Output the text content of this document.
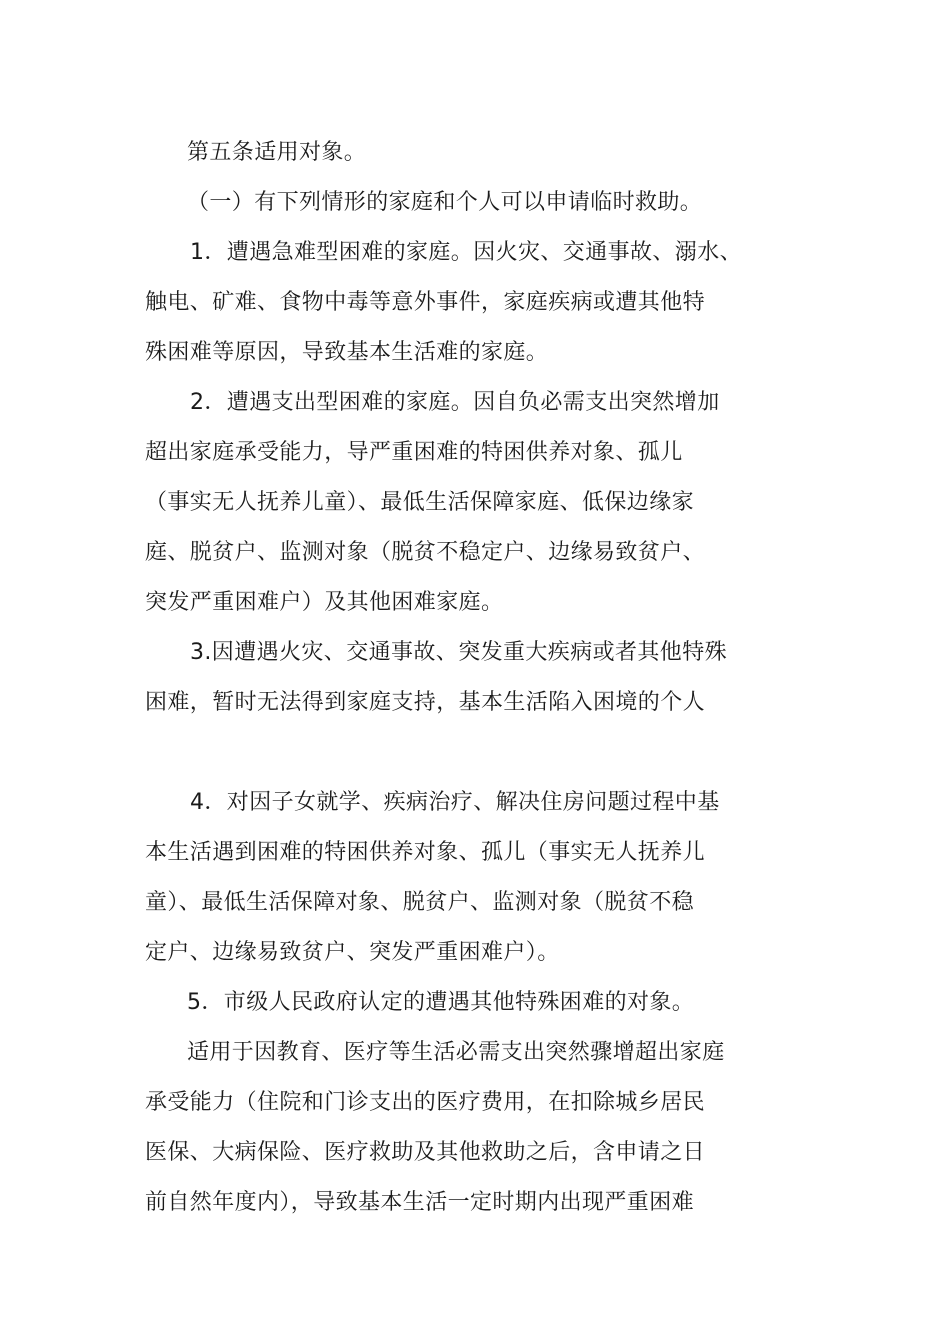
第五条适用对象。
（一）有下列情形的家庭和个人可以申请临时救助。
1．遭遇急难型困难的家庭。因火灾、交通事故、溺水、
触电、矿难、食物中毒等意外事件，家庭疾病或遭其他特
殊困难等原因，导致基本生活难的家庭。
2．遭遇支出型困难的家庭。因自负必需支出突然增加
超出家庭承受能力，导严重困难的特困供养对象、孤儿
（事实无人抚养儿童）、最低生活保障家庭、低保边缘家
庭、脱贫户、监测对象（脱贫不稳定户、边缘易致贫户、
突发严重困难户）及其他困难家庭。
3.因遭遇火灾、交通事故、突发重大疾病或者其他特殊
困难，暂时无法得到家庭支持，基本生活陷入困境的个人
4．对因子女就学、疾病治疗、解决住房问题过程中基
本生活遇到困难的特困供养对象、孤儿（事实无人抚养儿
童）、最低生活保障对象、脱贫户、监测对象（脱贫不稳
定户、边缘易致贫户、突发严重困难户）。
5．市级人民政府认定的遭遇其他特殊困难的对象。
适用于因教育、医疗等生活必需支出突然骤增超出家庭
承受能力（住院和门诊支出的医疗费用，在扣除城乡居民
医保、大病保险、医疗救助及其他救助之后，含申请之日
前自然年度内），导致基本生活一定时期内出现严重困难
